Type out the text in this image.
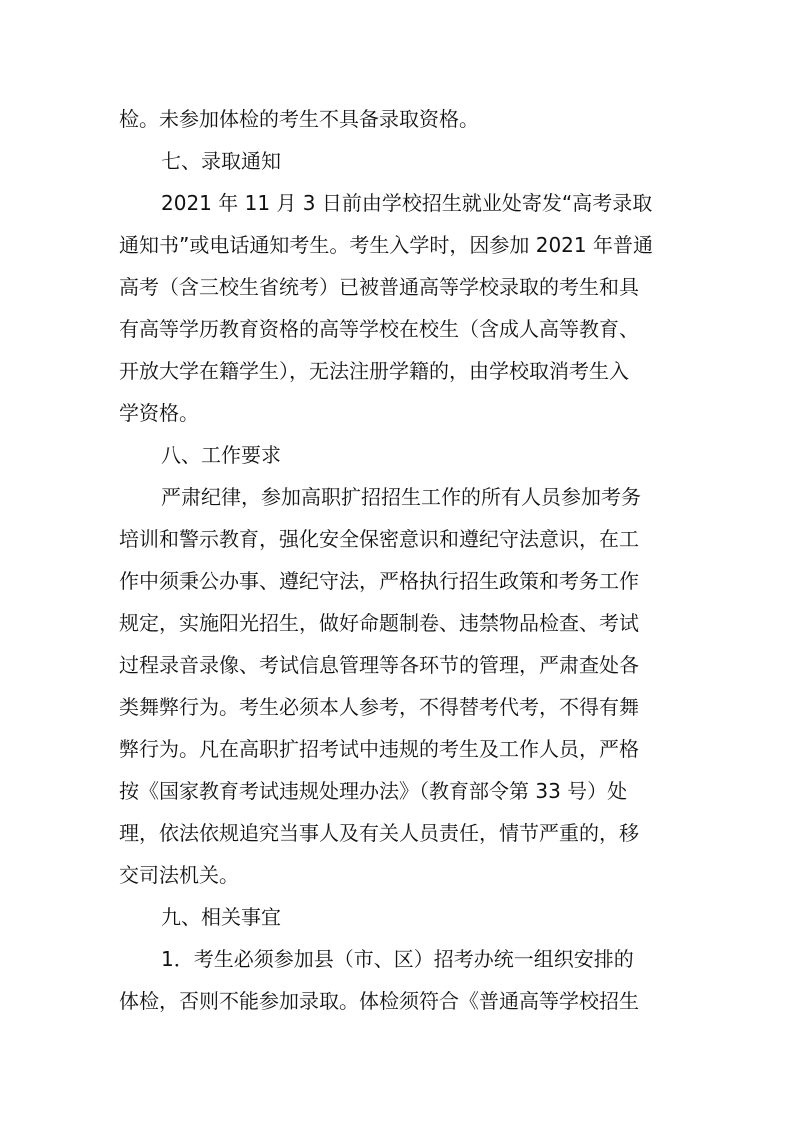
检。未参加体检的考生不具备录取资格。
七、录取通知
2021 年 11 月 3 日前由学校招生就业处寄发“高考录取
通知书”或电话通知考生。考生入学时，因参加 2021 年普通
高考（含三校生省统考）已被普通高等学校录取的考生和具
有高等学历教育资格的高等学校在校生（含成人高等教育、
开放大学在籍学生），无法注册学籍的，由学校取消考生入
学资格。
八、工作要求
严肃纪律，参加高职扩招招生工作的所有人员参加考务
培训和警示教育，强化安全保密意识和遵纪守法意识，在工
作中须秉公办事、遵纪守法，严格执行招生政策和考务工作
规定，实施阳光招生，做好命题制卷、违禁物品检查、考试
过程录音录像、考试信息管理等各环节的管理，严肃查处各
类舞弊行为。考生必须本人参考，不得替考代考，不得有舞
弊行为。凡在高职扩招考试中违规的考生及工作人员，严格
按《国家教育考试违规处理办法》（教育部令第 33 号）处
理，依法依规追究当事人及有关人员责任，情节严重的，移
交司法机关。
九、相关事宜
1．考生必须参加县（市、区）招考办统一组织安排的
体检，否则不能参加录取。体检须符合《普通高等学校招生
